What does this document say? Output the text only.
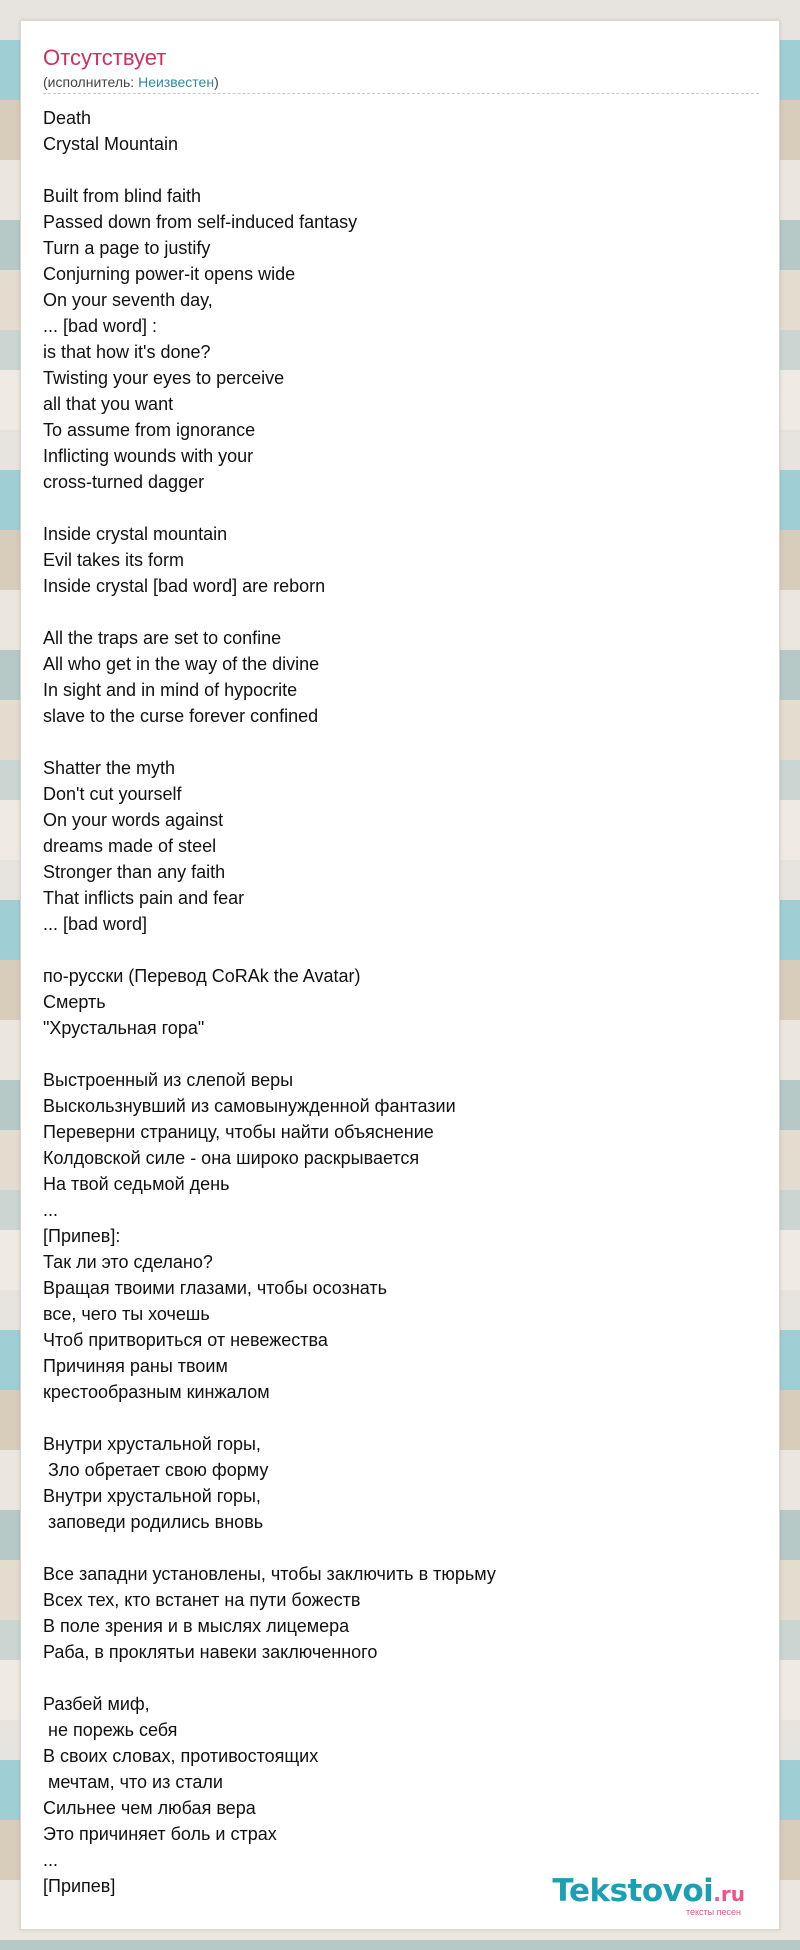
Отсутствует
(исполнитель: Неизвестен)
Death
Crystal Mountain

Built from blind faith
Passed down from self-induced fantasy
Turn a page to justify
Conjurning power-it opens wide
On your seventh day,
... [bad word] :
is that how it's done?
Twisting your eyes to perceive
all that you want
To assume from ignorance
Inflicting wounds with your
cross-turned dagger

Inside crystal mountain
Evil takes its form
Inside crystal [bad word] are reborn

All the traps are set to confine
All who get in the way of the divine
In sight and in mind of hypocrite
slave to the curse forever confined

Shatter the myth
Don't cut yourself
On your words against
dreams made of steel
Stronger than any faith
That inflicts pain and fear
... [bad word]

по-русски (Перевод CoRAk the Avatar)
Смерть
"Хрустальная гора"

Выстроенный из слепой веры
Выскользнувший из самовынужденной фантазии
Переверни страницу, чтобы найти объяснение
Колдовской силе - она широко раскрывается
На твой седьмой день
...
[Припев]:
Так ли это сделано?
Вращая твоими глазами, чтобы осознать
все, чего ты хочешь
Чтоб притвориться от невежества
Причиняя раны твоим
крестообразным кинжалом

Внутри хрустальной горы,
Зло обретает свою форму
Внутри хрустальной горы,
заповеди родились вновь

Все западни установлены, чтобы заключить в тюрьму
Всех тех, кто встанет на пути божеств
В поле зрения и в мыслях лицемера
Раба, в проклятьи навеки заключенного

Разбей миф,
не порежь себя
В своих словах, противостоящих
мечтам, что из стали
Сильнее чем любая вера
Это причиняет боль и страх
...
[Припев]	Tekstovoi.ru
тексты песен
